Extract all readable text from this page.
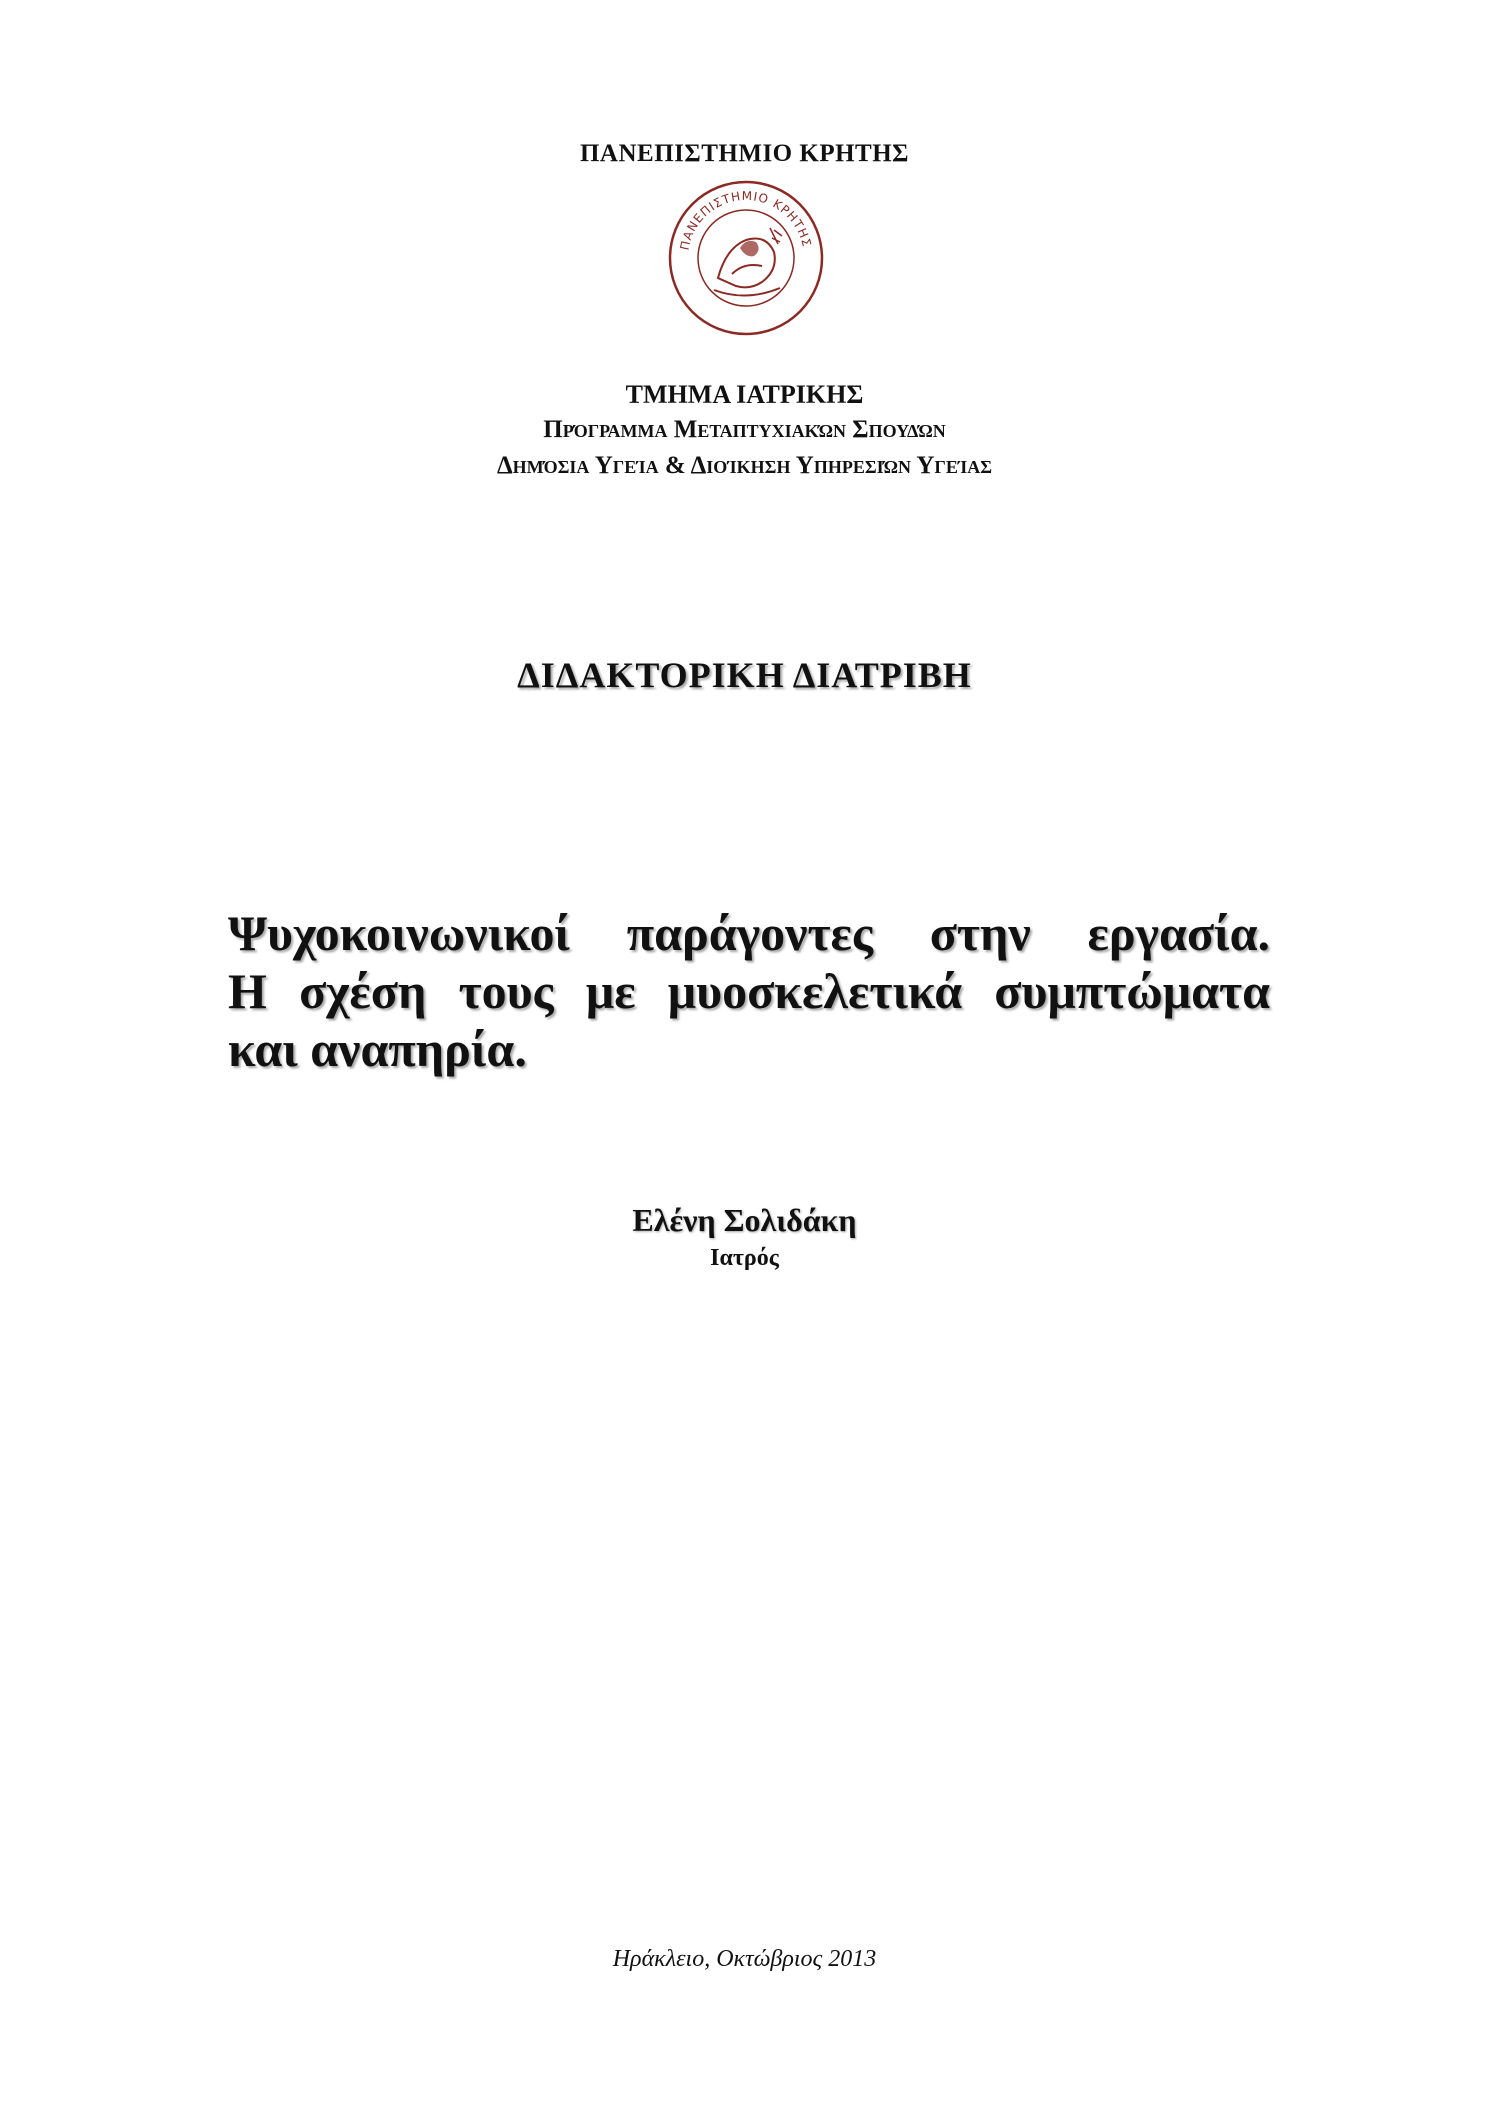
ΠΑΝΕΠΙΣΤΗΜΙΟ ΚΡΗΤΗΣ
ΠΑΝΕΠΙΣΤΗΜΙΟ ΚΡΗΤΗΣ
ΤΜΗΜΑ ΙΑΤΡΙΚΗΣ
Πρόγραμμα Μεταπτυχιακών Σπουδών
Δημόσια Υγεία & Διοίκηση Υπηρεσιών Υγείας
ΔΙΔΑΚΤΟΡΙΚΗ ΔΙΑΤΡΙΒΗ
Ψυχοκοινωνικοί παράγοντες στην εργασία.
Η σχέση τους με μυοσκελετικά συμπτώματα
και αναπηρία.
Ελένη Σολιδάκη
Ιατρός
Ηράκλειο, Οκτώβριος 2013
